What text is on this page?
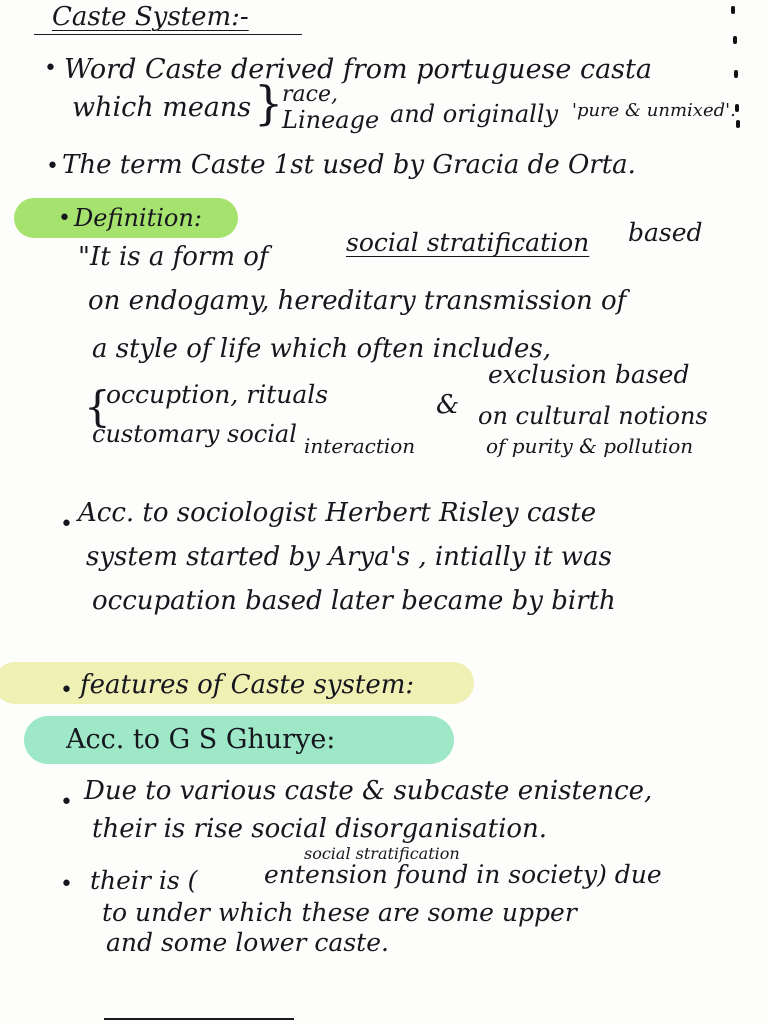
Caste System:-
• Word Caste derived from portuguese casta
which means }
race,
Lineage and originally 'pure & unmixed'.
• The term Caste 1st used by Gracia de Orta.
• Definition:
"It is a form of	social stratification based
on endogamy, hereditary transmission of
a style of life which often includes,
{
occuption, rituals	&
exclusion based
customary social
on cultural notions
interaction	of purity & pollution
• Acc. to sociologist Herbert Risley caste
system started by Arya's , intially it was
occupation based later became by birth
• features of Caste system:
Acc. to G S Ghurye:
• Due to various caste & subcaste enistence,
their is rise social disorganisation.
social stratification
• their is (	entension found in society) due
to under which these are some upper
and some lower caste.
